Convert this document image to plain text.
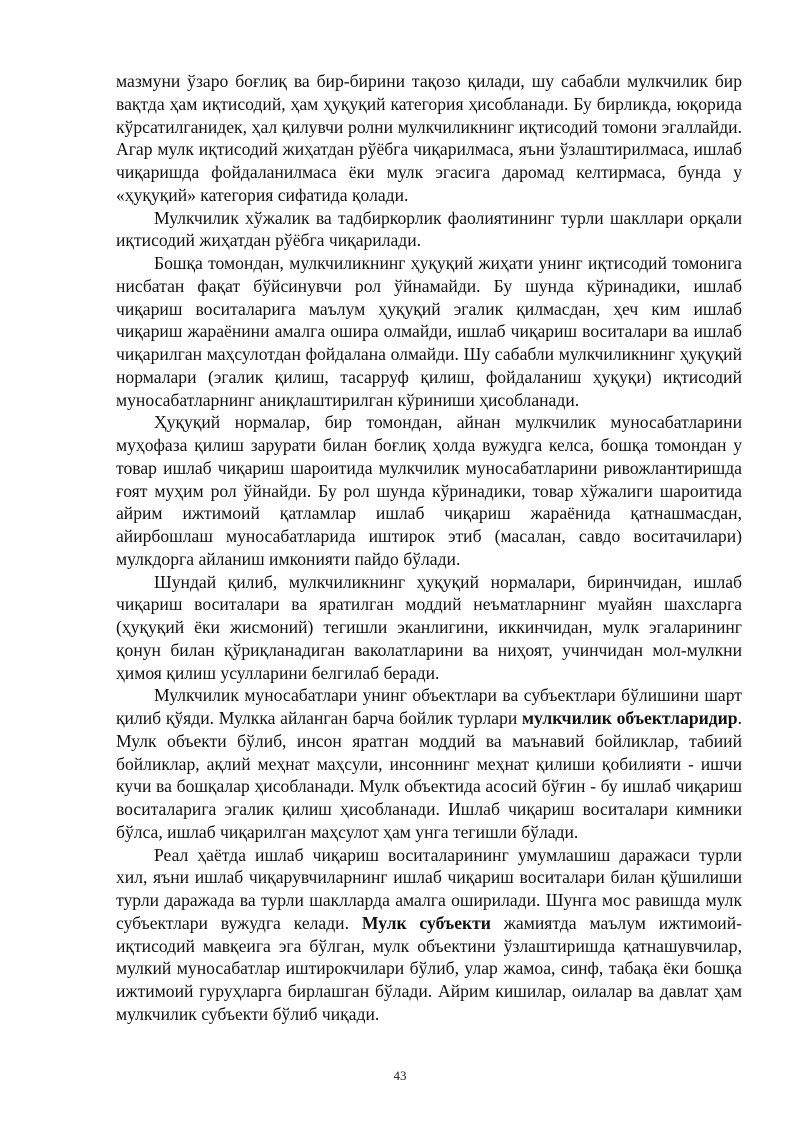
мазмуни ўзаро боғлиқ ва бир-бирини тақозо қилади, шу сабабли мулкчилик бир вақтда ҳам иқтисодий, ҳам ҳуқуқий категория ҳисобланади. Бу бирликда, юқорида кўрсатилганидек, ҳал қилувчи ролни мулкчиликнинг иқтисодий томони эгаллайди. Агар мулк иқтисодий жиҳатдан рўёбга чиқарилмаса, яъни ўзлаштирилмаса, ишлаб чиқаришда фойдаланилмаса ёки мулк эгасига даромад келтирмаса, бунда у «ҳуқуқий» категория сифатида қолади.

Мулкчилик хўжалик ва тадбиркорлик фаолиятининг турли шакллари орқали иқтисодий жиҳатдан рўёбга чиқарилади.

Бошқа томондан, мулкчиликнинг ҳуқуқий жиҳати унинг иқтисодий томонига нисбатан фақат бўйсинувчи рол ўйнамайди. Бу шунда кўринадики, ишлаб чиқариш воситаларига маълум ҳуқуқий эгалик қилмасдан, ҳеч ким ишлаб чиқариш жараёнини амалга ошира олмайди, ишлаб чиқариш воситалари ва ишлаб чиқарилган маҳсулотдан фойдалана олмайди. Шу сабабли мулкчиликнинг ҳуқуқий нормалари (эгалик қилиш, тасарруф қилиш, фойдаланиш ҳуқуқи) иқтисодий муносабатларнинг аниқлаштирилган кўриниши ҳисобланади.

Ҳуқуқий нормалар, бир томондан, айнан мулкчилик муносабатларини муҳофаза қилиш зарурати билан боғлиқ ҳолда вужудга келса, бошқа томондан у товар ишлаб чиқариш шароитида мулкчилик муносабатларини ривожлантиришда ғоят муҳим рол ўйнайди. Бу рол шунда кўринадики, товар хўжалиги шароитида айрим ижтимоий қатламлар ишлаб чиқариш жараёнида қатнашмасдан, айирбошлаш муносабатларида иштирок этиб (масалан, савдо воситачилари) мулкдорга айланиш имконияти пайдо бўлади.

Шундай қилиб, мулкчиликнинг ҳуқуқий нормалари, биринчидан, ишлаб чиқариш воситалари ва яратилган моддий неъматларнинг муайян шахсларга (ҳуқуқий ёки жисмоний) тегишли эканлигини, иккинчидан, мулк эгаларининг қонун билан қўриқланадиган ваколатларини ва ниҳоят, учинчидан мол-мулкни ҳимоя қилиш усулларини белгилаб беради.

Мулкчилик муносабатлари унинг объектлари ва субъектлари бўлишини шарт қилиб қўяди. Мулкка айланган барча бойлик турлари мулкчилик объектларидир. Мулк объекти бўлиб, инсон яратган моддий ва маънавий бойликлар, табиий бойликлар, ақлий меҳнат маҳсули, инсоннинг меҳнат қилиши қобилияти - ишчи кучи ва бошқалар ҳисобланади. Мулк объектида асосий бўғин - бу ишлаб чиқариш воситаларига эгалик қилиш ҳисобланади. Ишлаб чиқариш воситалари кимники бўлса, ишлаб чиқарилган маҳсулот ҳам унга тегишли бўлади.

Реал ҳаётда ишлаб чиқариш воситаларининг умумлашиш даражаси турли хил, яъни ишлаб чиқарувчиларнинг ишлаб чиқариш воситалари билан қўшилиши турли даражада ва турли шаклларда амалга оширилади. Шунга мос равишда мулк субъектлари вужудга келади. Мулк субъекти жамиятда маълум ижтимоий-иқтисодий мавқеига эга бўлган, мулк объектини ўзлаштиришда қатнашувчилар, мулкий муносабатлар иштирокчилари бўлиб, улар жамоа, синф, табақа ёки бошқа ижтимоий гуруҳларга бирлашган бўлади. Айрим кишилар, оилалар ва давлат ҳам мулкчилик субъекти бўлиб чиқади.

43
